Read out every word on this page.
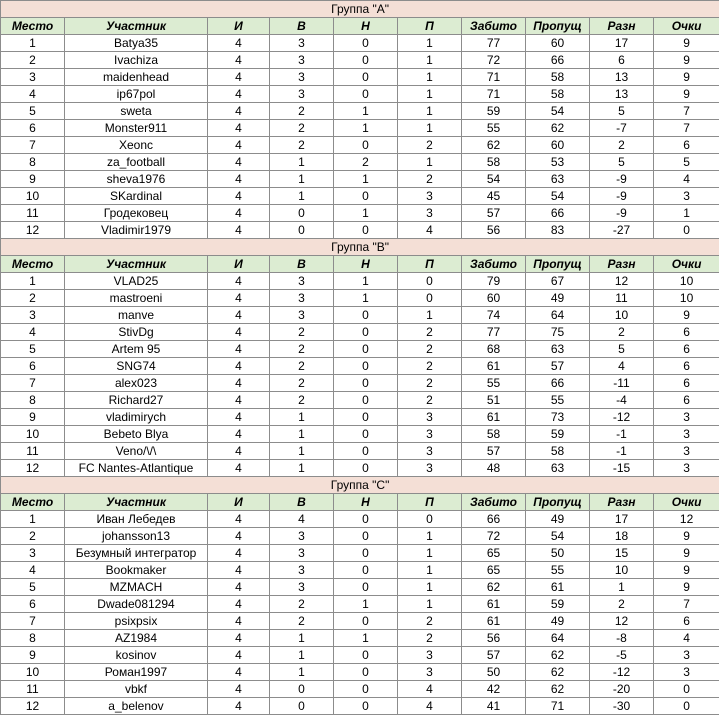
Группа "А"									
Место	Участник	И	В	Н	П	Забито	Пропущ	Разн	Очки
1	Batya35	4	3	0	1	77	60	17	9
2	Ivachiza	4	3	0	1	72	66	6	9
3	maidenhead	4	3	0	1	71	58	13	9
4	ip67pol	4	3	0	1	71	58	13	9
5	sweta	4	2	1	1	59	54	5	7
6	Monster911	4	2	1	1	55	62	-7	7
7	Xeonc	4	2	0	2	62	60	2	6
8	za_football	4	1	2	1	58	53	5	5
9	sheva1976	4	1	1	2	54	63	-9	4
10	SKardinal	4	1	0	3	45	54	-9	3
11	Гродековец	4	0	1	3	57	66	-9	1
12	Vladimir1979	4	0	0	4	56	83	-27	0
Группа "В"									
Место	Участник	И	В	Н	П	Забито	Пропущ	Разн	Очки
1	VLAD25	4	3	1	0	79	67	12	10
2	mastroeni	4	3	1	0	60	49	11	10
3	manve	4	3	0	1	74	64	10	9
4	StivDg	4	2	0	2	77	75	2	6
5	Artem 95	4	2	0	2	68	63	5	6
6	SNG74	4	2	0	2	61	57	4	6
7	alex023	4	2	0	2	55	66	-11	6
8	Richard27	4	2	0	2	51	55	-4	6
9	vladimirych	4	1	0	3	61	73	-12	3
10	Bebeto Blya	4	1	0	3	58	59	-1	3
11	Veno/\/\	4	1	0	3	57	58	-1	3
12	FC Nantes-Atlantique	4	1	0	3	48	63	-15	3
Группа "С"									
Место	Участник	И	В	Н	П	Забито	Пропущ	Разн	Очки
1	Иван Лебедев	4	4	0	0	66	49	17	12
2	johansson13	4	3	0	1	72	54	18	9
3	Безумный интегратор	4	3	0	1	65	50	15	9
4	Bookmaker	4	3	0	1	65	55	10	9
5	MZMACH	4	3	0	1	62	61	1	9
6	Dwade081294	4	2	1	1	61	59	2	7
7	psixpsix	4	2	0	2	61	49	12	6
8	AZ1984	4	1	1	2	56	64	-8	4
9	kosinov	4	1	0	3	57	62	-5	3
10	Роман1997	4	1	0	3	50	62	-12	3
11	vbkf	4	0	0	4	42	62	-20	0
12	a_belenov	4	0	0	4	41	71	-30	0
